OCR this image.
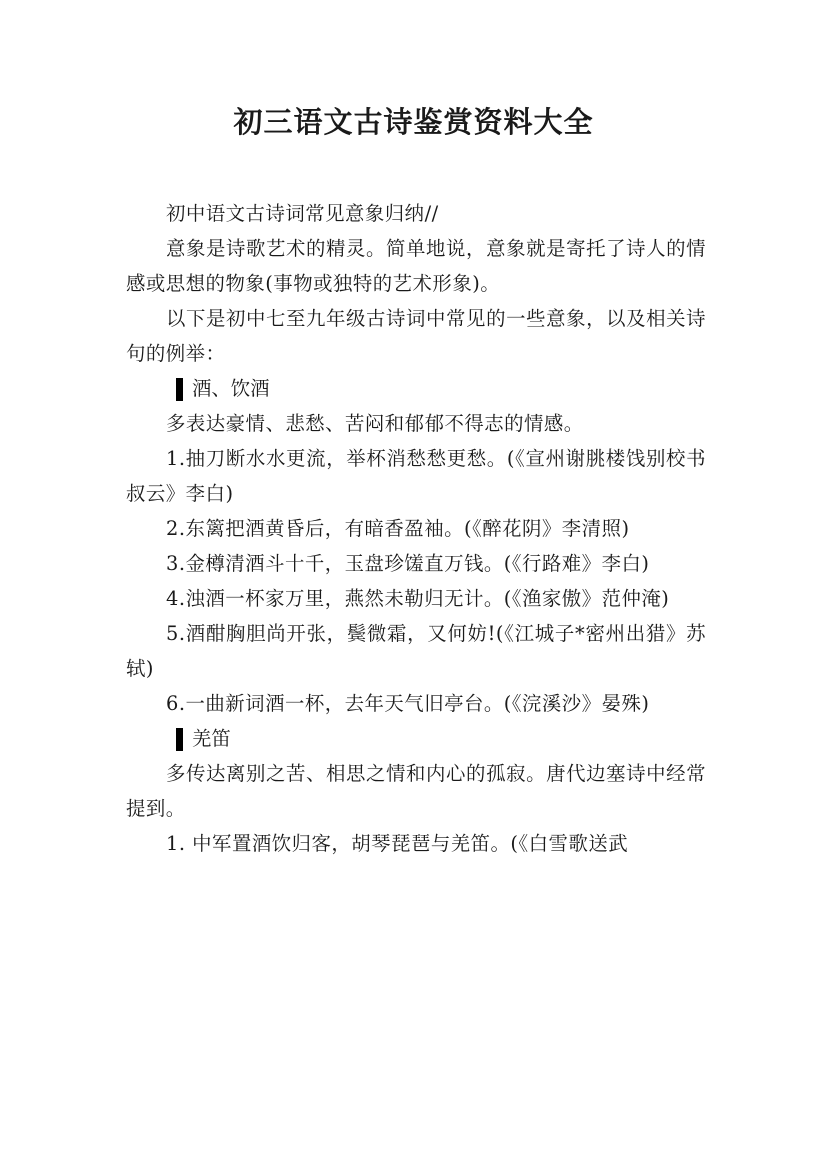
初三语文古诗鉴赏资料大全

初中语文古诗词常见意象归纳//

意象是诗歌艺术的精灵。简单地说，意象就是寄托了诗人的情感或思想的物象(事物或独特的艺术形象)。

以下是初中七至九年级古诗词中常见的一些意象，以及相关诗句的例举：

酒、饮酒

多表达豪情、悲愁、苦闷和郁郁不得志的情感。

1.抽刀断水水更流，举杯消愁愁更愁。(《宣州谢朓楼饯别校书叔云》李白)

2.东篱把酒黄昏后，有暗香盈袖。(《醉花阴》李清照)

3.金樽清酒斗十千，玉盘珍馐直万钱。(《行路难》李白)

4.浊酒一杯家万里，燕然未勒归无计。(《渔家傲》范仲淹)

5.酒酣胸胆尚开张，鬓微霜，又何妨!(《江城子*密州出猎》苏轼)

6.一曲新词酒一杯，去年天气旧亭台。(《浣溪沙》晏殊)

羌笛

多传达离别之苦、相思之情和内心的孤寂。唐代边塞诗中经常提到。

1. 中军置酒饮归客，胡琴琵琶与羌笛。(《白雪歌送武
